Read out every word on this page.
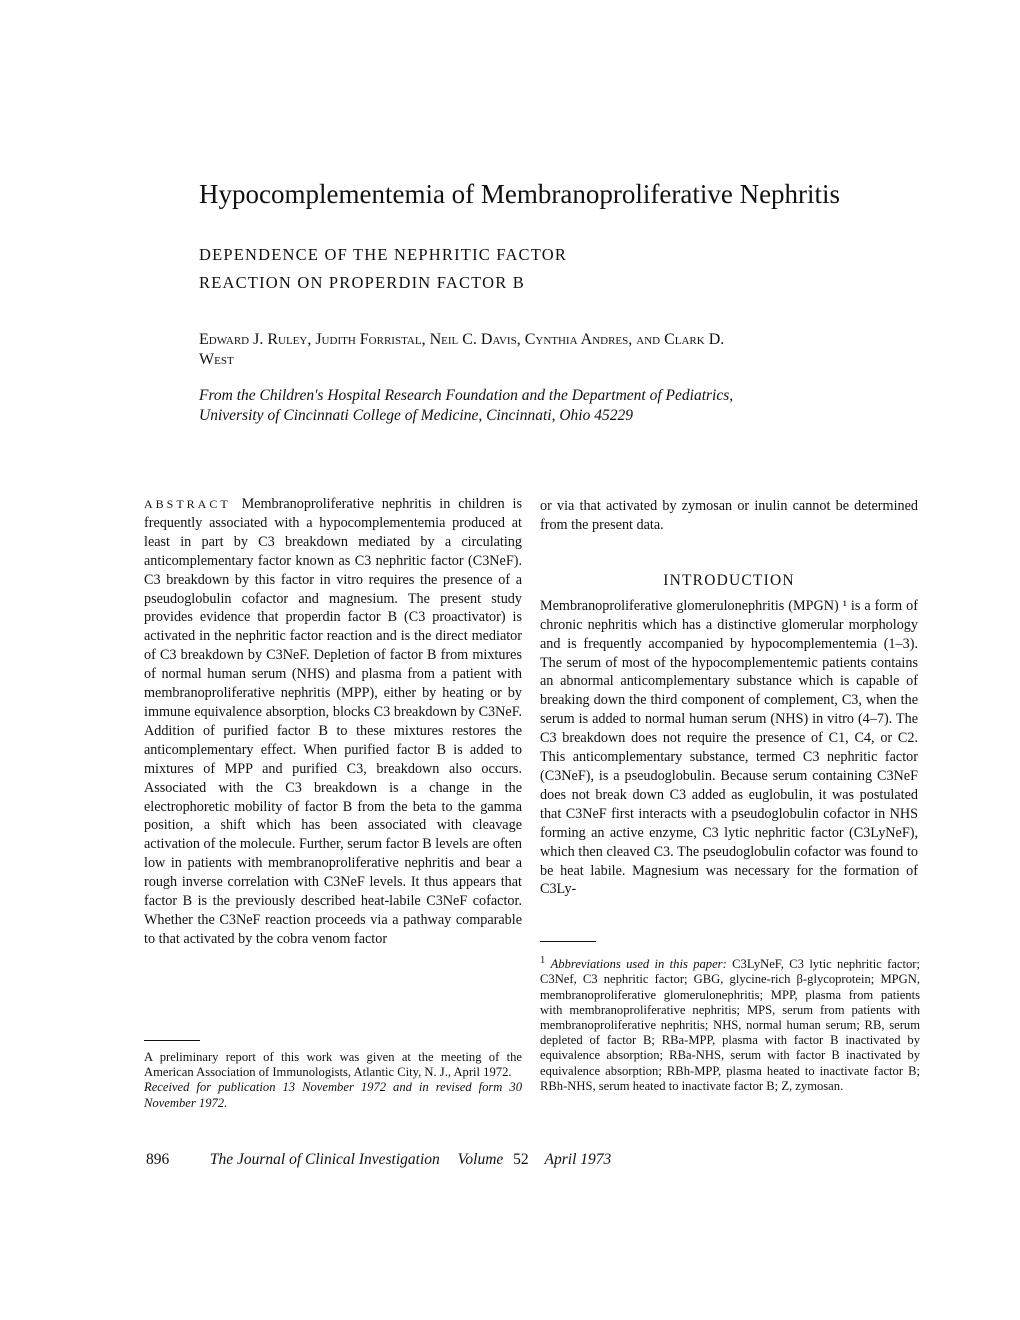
Hypocomplementemia of Membranoproliferative Nephritis
DEPENDENCE OF THE NEPHRITIC FACTOR
REACTION ON PROPERDIN FACTOR B
Edward J. Ruley, Judith Forristal, Neil C. Davis, Cynthia Andres, and Clark D. West
From the Children's Hospital Research Foundation and the Department of Pediatrics, University of Cincinnati College of Medicine, Cincinnati, Ohio 45229

ABSTRACT Membranoproliferative nephritis in children is frequently associated with a hypocomplementemia produced at least in part by C3 breakdown mediated by a circulating anticomplementary factor known as C3 nephritic factor (C3NeF). C3 breakdown by this factor in vitro requires the presence of a pseudoglobulin cofactor and magnesium. The present study provides evidence that properdin factor B (C3 proactivator) is activated in the nephritic factor reaction and is the direct mediator of C3 breakdown by C3NeF. Depletion of factor B from mixtures of normal human serum (NHS) and plasma from a patient with membranoproliferative nephritis (MPP), either by heating or by immune equivalence absorption, blocks C3 breakdown by C3NeF. Addition of purified factor B to these mixtures restores the anticomplementary effect. When purified factor B is added to mixtures of MPP and purified C3, breakdown also occurs. Associated with the C3 breakdown is a change in the electrophoretic mobility of factor B from the beta to the gamma position, a shift which has been associated with cleavage activation of the molecule. Further, serum factor B levels are often low in patients with membranoproliferative nephritis and bear a rough inverse correlation with C3NeF levels. It thus appears that factor B is the previously described heat-labile C3NeF cofactor. Whether the C3NeF reaction proceeds via a pathway comparable to that activated by the cobra venom factor

A preliminary report of this work was given at the meeting of the American Association of Immunologists, Atlantic City, N. J., April 1972.
Received for publication 13 November 1972 and in revised form 30 November 1972.

or via that activated by zymosan or inulin cannot be determined from the present data.

INTRODUCTION

Membranoproliferative glomerulonephritis (MPGN) ¹ is a form of chronic nephritis which has a distinctive glomerular morphology and is frequently accompanied by hypocomplementemia (1–3). The serum of most of the hypocomplementemic patients contains an abnormal anticomplementary substance which is capable of breaking down the third component of complement, C3, when the serum is added to normal human serum (NHS) in vitro (4–7). The C3 breakdown does not require the presence of C1, C4, or C2. This anticomplementary substance, termed C3 nephritic factor (C3NeF), is a pseudoglobulin. Because serum containing C3NeF does not break down C3 added as euglobulin, it was postulated that C3NeF first interacts with a pseudoglobulin cofactor in NHS forming an active enzyme, C3 lytic nephritic factor (C3LyNeF), which then cleaved C3. The pseudoglobulin cofactor was found to be heat labile. Magnesium was necessary for the formation of C3Ly-

$^1$ Abbreviations used in this paper: C3LyNeF, C3 lytic nephritic factor; C3Nef, C3 nephritic factor; GBG, glycine-rich β-glycoprotein; MPGN, membranoproliferative glomerulonephritis; MPP, plasma from patients with membranoproliferative nephritis; MPS, serum from patients with membranoproliferative nephritis; NHS, normal human serum; RB, serum depleted of factor B; RBa-MPP, plasma with factor B inactivated by equivalence absorption; RBa-NHS, serum with factor B inactivated by equivalence absorption; RBh-MPP, plasma heated to inactivate factor B; RBh-NHS, serum heated to inactivate factor B; Z, zymosan.
896	The Journal of Clinical Investigation Volume 52 April 1973
